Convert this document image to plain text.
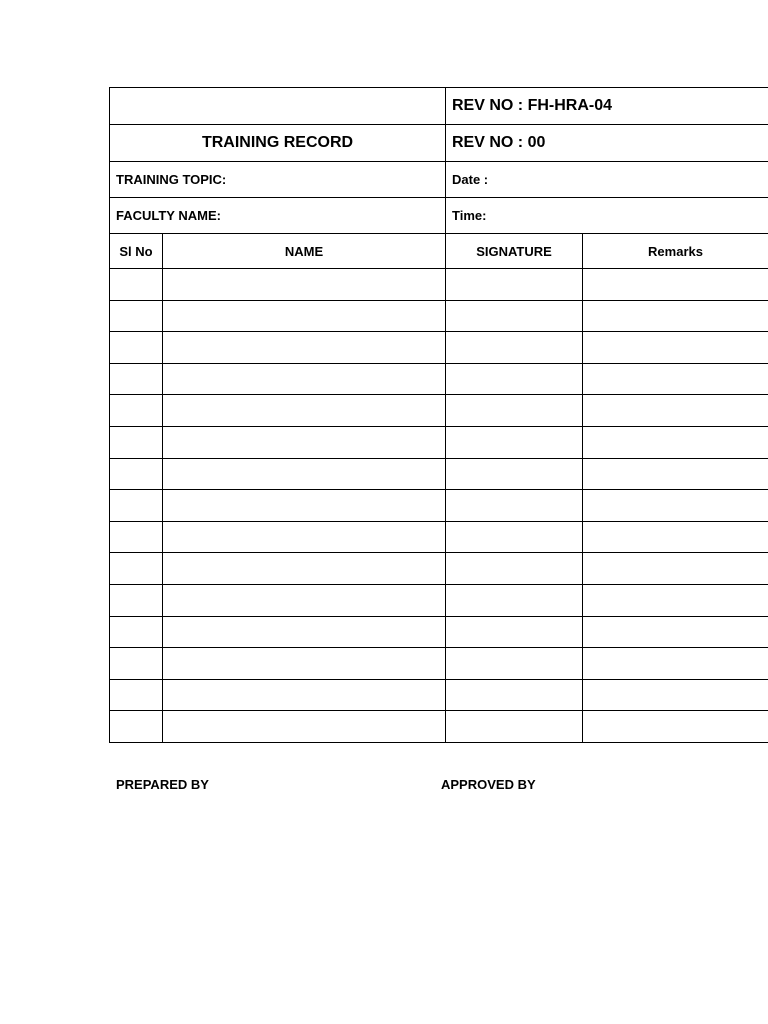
		REV NO : FH-HRA-04	
TRAINING RECORD		REV NO : 00	
TRAINING TOPIC:		Date :	
FACULTY NAME:		Time:	
Sl No	NAME	SIGNATURE	Remarks

PREPARED BY	APPROVED BY
